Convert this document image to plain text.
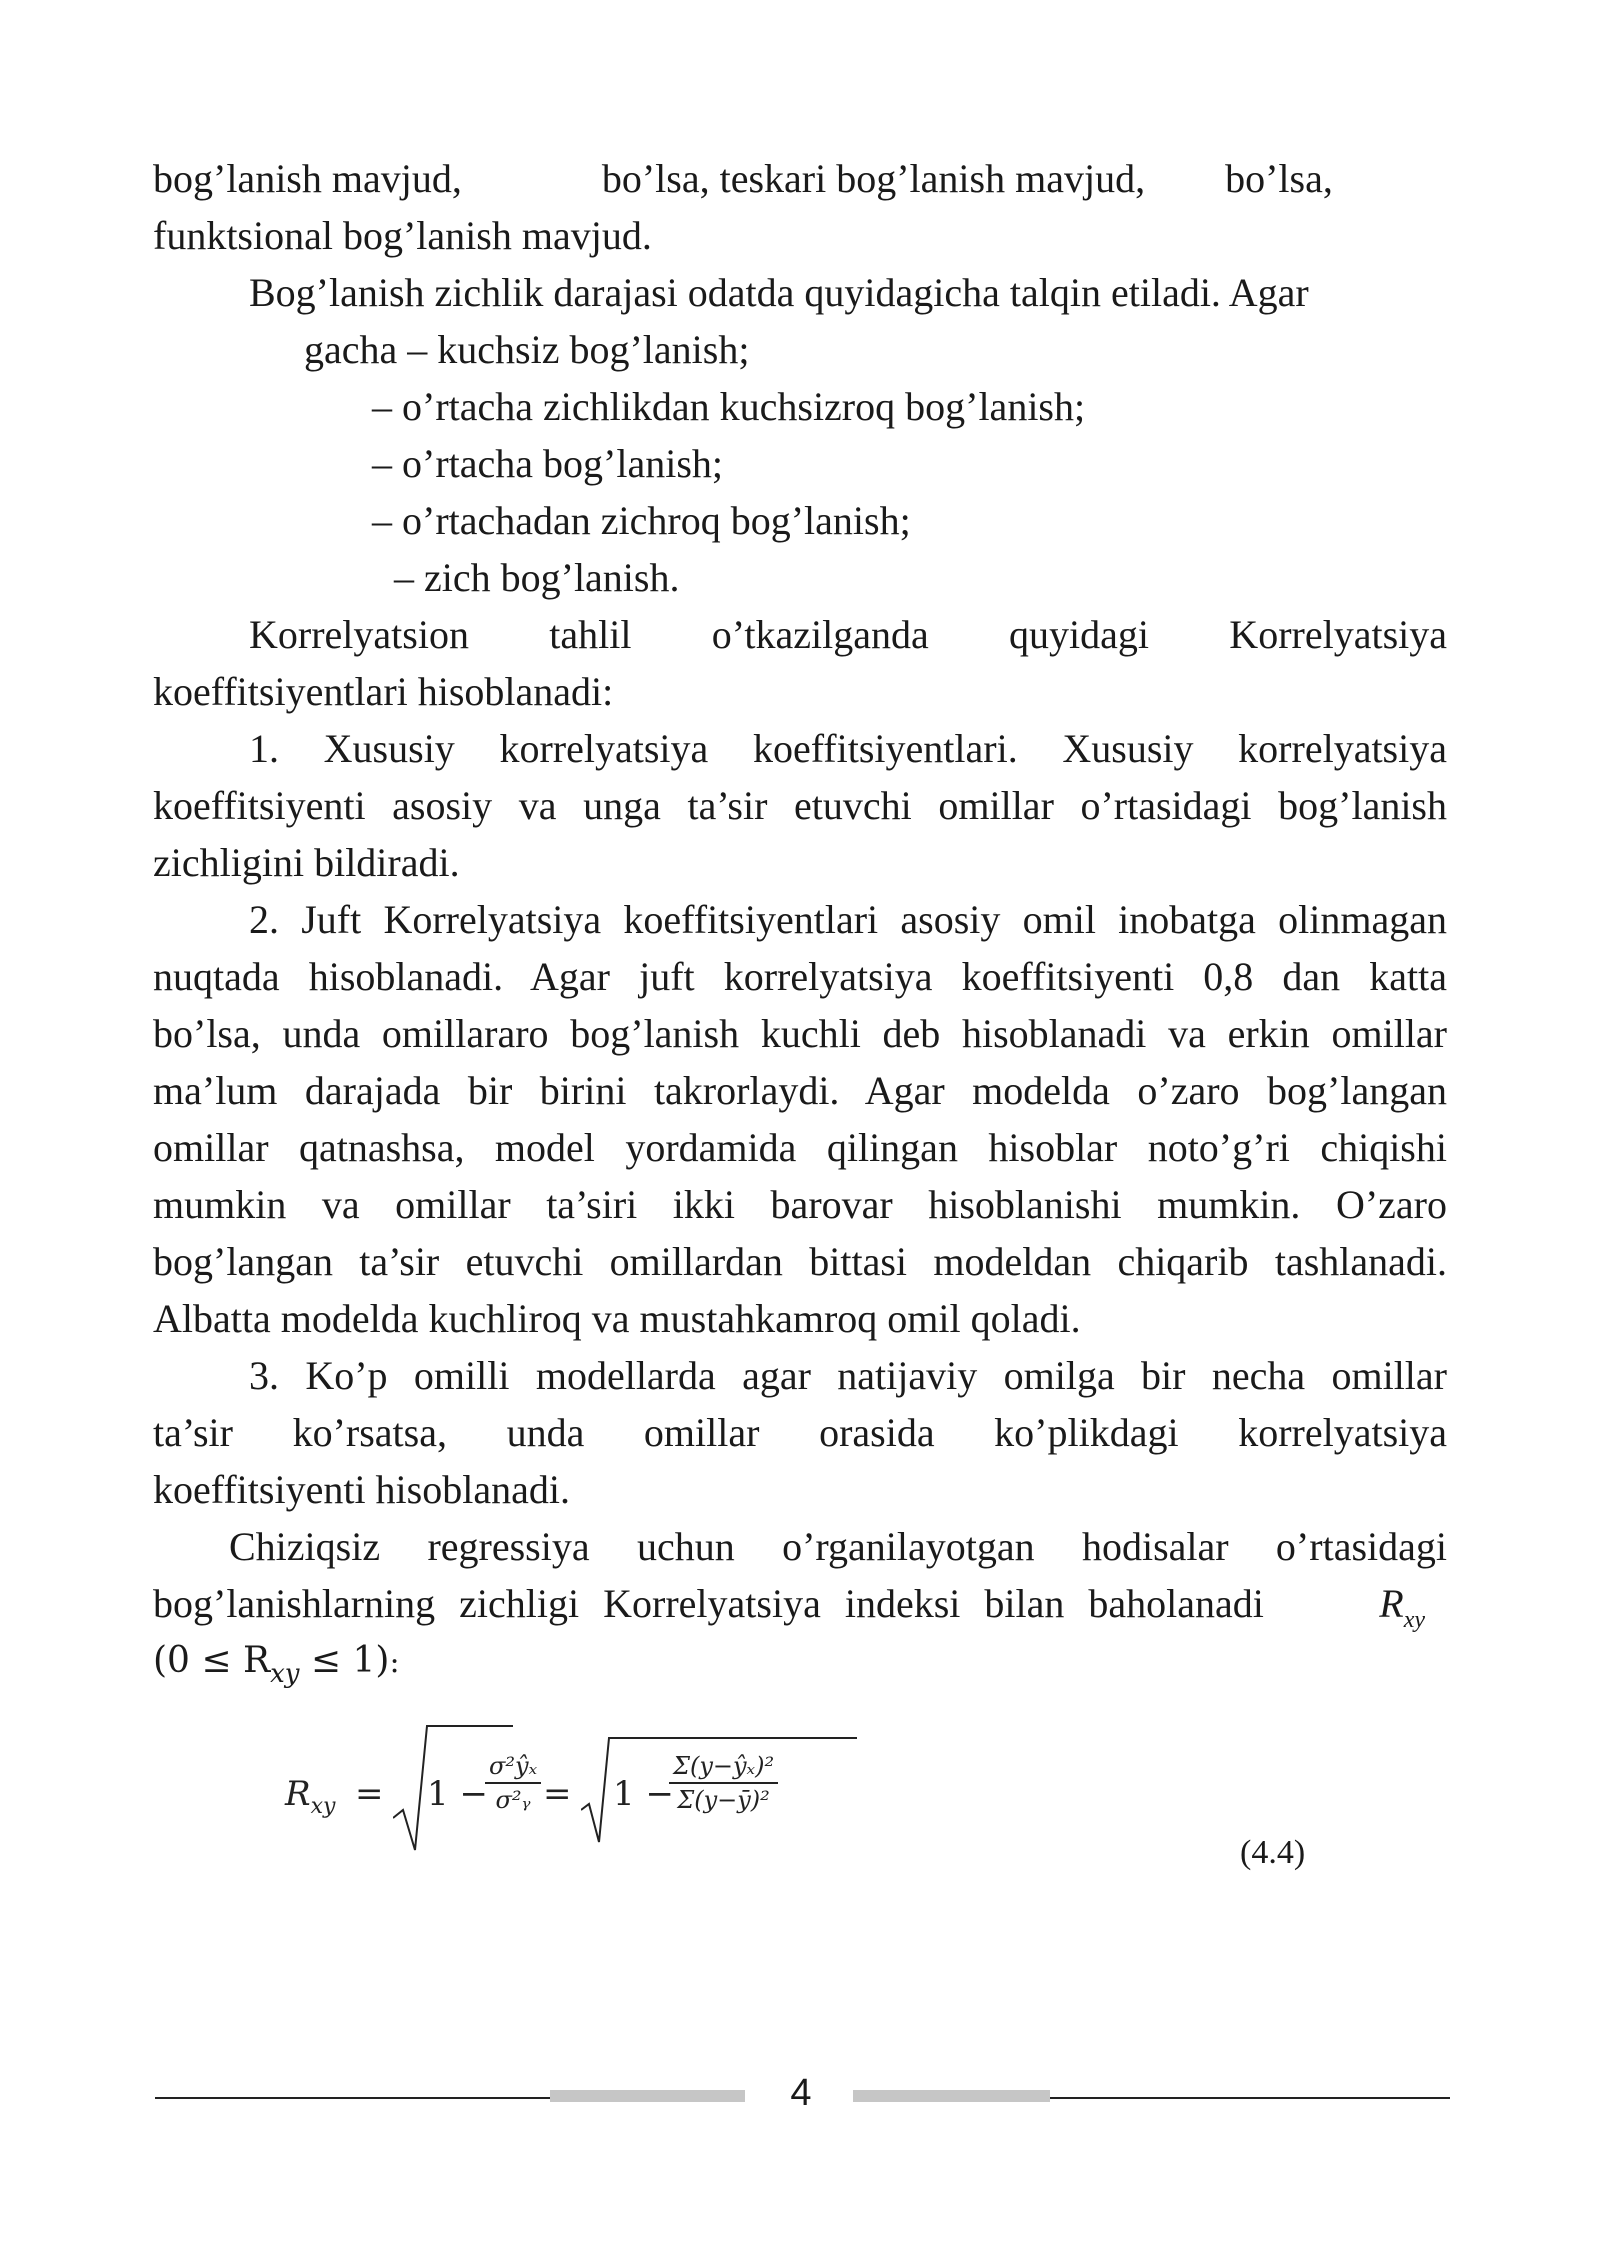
bog’lanish mavjud,              bo’lsa, teskari bog’lanish mavjud,        bo’lsa,
funktsional bog’lanish mavjud.
Bog’lanish zichlik darajasi odatda quyidagicha talqin etiladi. Agar
gacha – kuchsiz bog’lanish;
– o’rtacha zichlikdan kuchsizroq bog’lanish;
– o’rtacha bog’lanish;
– o’rtachadan zichroq bog’lanish;
– zich bog’lanish.
Korrelyatsion tahlil o’tkazilganda quyidagi Korrelyatsiya
koeffitsiyentlari hisoblanadi:
1. Xususiy korrelyatsiya koeffitsiyentlari. Xususiy korrelyatsiya
koeffitsiyenti asosiy va unga ta’sir etuvchi omillar o’rtasidagi bog’lanish
zichligini bildiradi.
2. Juft Korrelyatsiya koeffitsiyentlari asosiy omil inobatga olinmagan
nuqtada hisoblanadi. Agar juft korrelyatsiya koeffitsiyenti 0,8 dan katta
bo’lsa, unda omillararo bog’lanish kuchli deb hisoblanadi va erkin omillar
ma’lum darajada bir birini takrorlaydi. Agar modelda o’zaro bog’langan
omillar qatnashsa, model yordamida qilingan hisoblar noto’g’ri chiqishi
mumkin va omillar ta’siri ikki barovar hisoblanishi mumkin. O’zaro
bog’langan ta’sir etuvchi omillardan bittasi modeldan chiqarib tashlanadi.
Albatta modelda kuchliroq va mustahkamroq omil qoladi.
3. Ko’p omilli modellarda agar natijaviy omilga bir necha omillar
ta’sir ko’rsatsa, unda omillar orasida ko’plikdagi korrelyatsiya
koeffitsiyenti hisoblanadi.
Chiziqsiz regressiya uchun o’rganilayotgan hodisalar o’rtasidagi
bog’lanishlarning zichligi Korrelyatsiya indeksi bilan baholanadi	$R_{xy}$
$(0 \le R_{xy} \le 1)$:
$R_{xy} = 1$ −
$\frac{\text{σ²ŷₓ}}{\text{σ²ᵧ}} = 1$ −
$\frac{\text{Σ(y−ŷₓ)²}}{\text{Σ(y−ȳ)²}}$
(4.4)
4
